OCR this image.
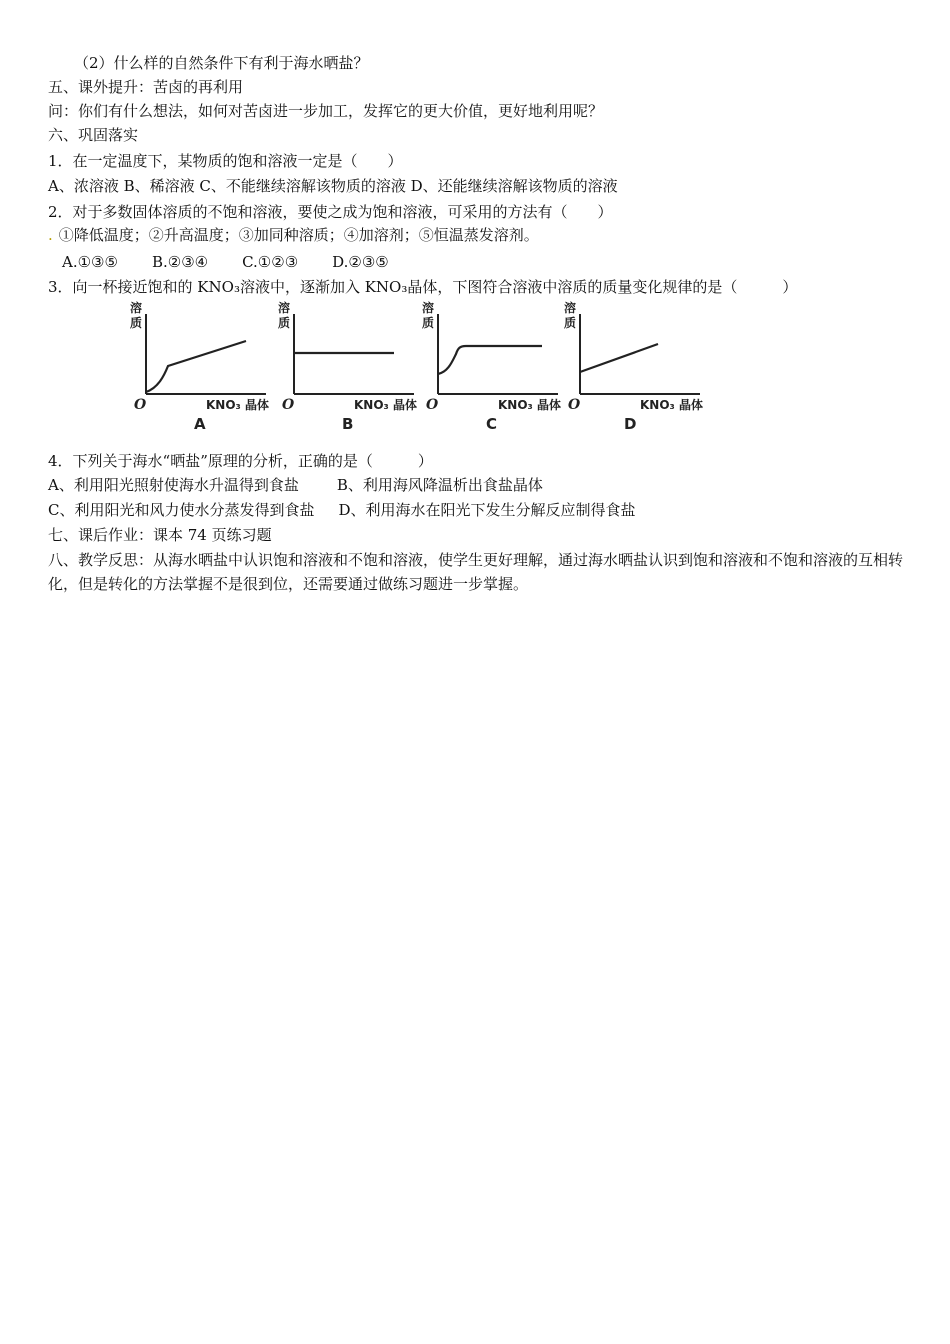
（2）什么样的自然条件下有利于海水晒盐？
五、课外提升：苦卤的再利用
问：你们有什么想法，如何对苦卤进一步加工，发挥它的更大价值，更好地利用呢？
六、巩固落实
1．在一定温度下，某物质的饱和溶液一定是（　　）
A、浓溶液 B、稀溶液 C、不能继续溶解该物质的溶液 D、还能继续溶解该物质的溶液
2．对于多数固体溶质的不饱和溶液，要使之成为饱和溶液，可采用的方法有（　　）
. ①降低温度；②升高温度；③加同种溶质；④加溶剂；⑤恒温蒸发溶剂。
A.①③⑤ B.②③④ C.①②③ D.②③⑤
3．向一杯接近饱和的 KNO₃溶液中，逐渐加入 KNO₃晶体，下图符合溶液中溶质的质量变化规律的是（　　　）
溶
质
O	KNO₃ 晶体
A
溶
质
O	KNO₃ 晶体
B
溶
质
O	KNO₃ 晶体
C
溶
质
O	KNO₃ 晶体
D
4．下列关于海水“晒盐”原理的分析，正确的是（　　　）
A、利用阳光照射使海水升温得到食盐	B、利用海风降温析出食盐晶体
C、利用阳光和风力使水分蒸发得到食盐 D、利用海水在阳光下发生分解反应制得食盐
七、课后作业：课本 74 页练习题
八、教学反思：从海水晒盐中认识饱和溶液和不饱和溶液，使学生更好理解，通过海水晒盐认识到饱和溶液和不饱和溶液的互相转化，但是转化的方法掌握不是很到位，还需要通过做练习题进一步掌握。
